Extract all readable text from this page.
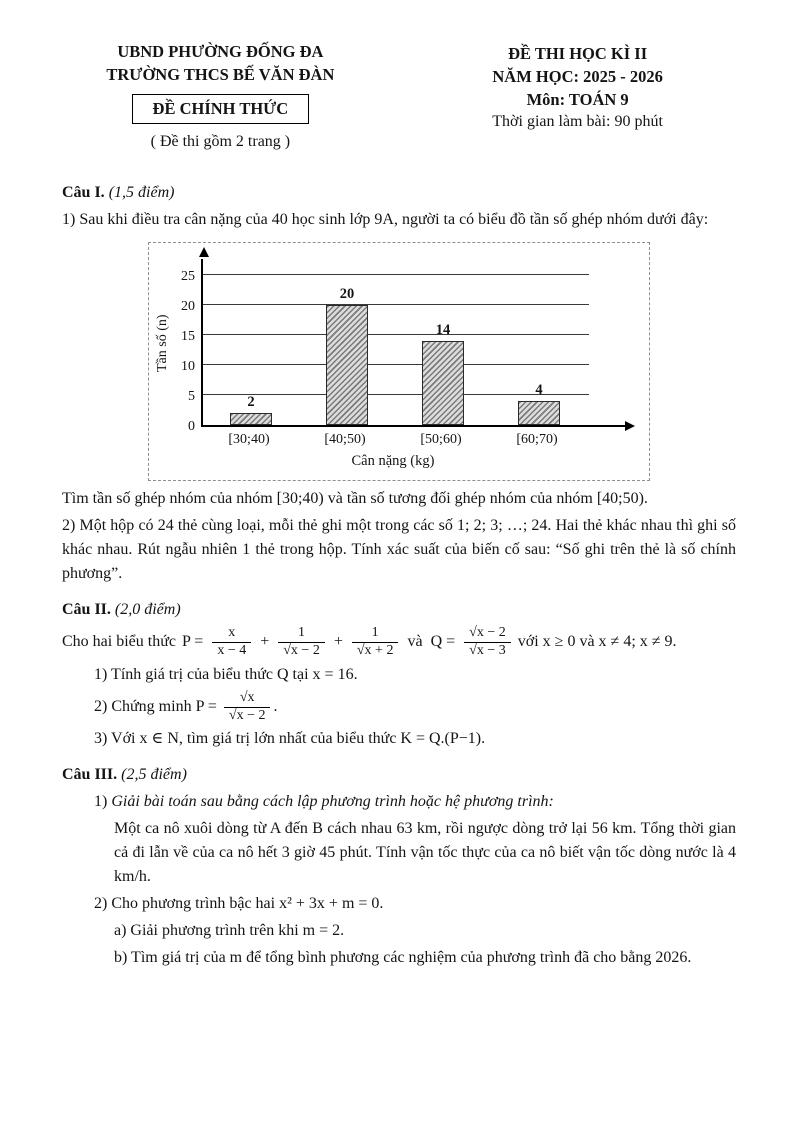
UBND PHƯỜNG ĐỐNG ĐA
TRƯỜNG THCS BẾ VĂN ĐÀN
ĐỀ CHÍNH THỨC
( Đề thi gồm 2 trang )
ĐỀ THI HỌC KÌ II
NĂM HỌC: 2025 - 2026
Môn: TOÁN 9
Thời gian làm bài: 90 phút

Câu I. (1,5 điểm)

1) Sau khi điều tra cân nặng của 40 học sinh lớp 9A, người ta có biểu đồ tần số ghép nhóm dưới đây:

Tần số (n)
0
5
10
15
20
25
2
20
14
4
[30;40)	[40;50)	[50;60)	[60;70)
Cân nặng (kg)

Tìm tần số ghép nhóm của nhóm [30;40) và tần số tương đối ghép nhóm của nhóm [40;50).

2) Một hộp có 24 thẻ cùng loại, mỗi thẻ ghi một trong các số 1; 2; 3; …; 24. Hai thẻ khác nhau thì ghi số khác nhau. Rút ngẫu nhiên 1 thẻ trong hộp. Tính xác suất của biến cố sau: “Số ghi trên thẻ là số chính phương”.

Câu II. (2,0 điểm)

Cho hai biểu thức $P = \frac{x}{x - 4} + \frac{1}{√x - 2} + \frac{1}{√x + 2}$ và $Q = \frac{√x - 2}{√x - 3}$ với x ≥ 0 và x ≠ 4; x ≠ 9.

1) Tính giá trị của biểu thức Q tại x = 16.

2) Chứng minh $P = \frac{√x}{√x - 2}$ .

3) Với x ∈ N, tìm giá trị lớn nhất của biểu thức K = Q.(P−1).

Câu III. (2,5 điểm)

1) Giải bài toán sau bằng cách lập phương trình hoặc hệ phương trình:

Một ca nô xuôi dòng từ A đến B cách nhau 63 km, rồi ngược dòng trở lại 56 km. Tổng thời gian cả đi lẫn về của ca nô hết 3 giờ 45 phút. Tính vận tốc thực của ca nô biết vận tốc dòng nước là 4 km/h.

2) Cho phương trình bậc hai x² + 3x + m = 0.

a) Giải phương trình trên khi m = 2.

b) Tìm giá trị của m để tổng bình phương các nghiệm của phương trình đã cho bằng 2026.
